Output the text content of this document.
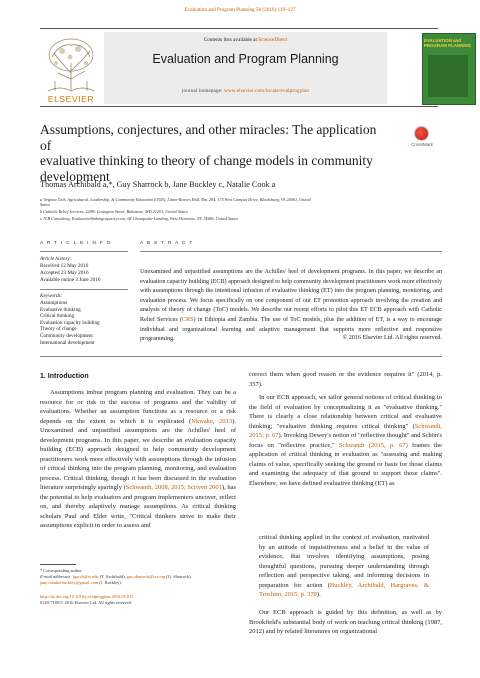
Evaluation and Program Planning 58 (2016) 119–127
ELSEVIER
Contents lists available at ScienceDirect
Evaluation and Program Planning
journal homepage: www.elsevier.com/locate/evalprogplan
EVALUATION and PROGRAM PLANNING
Assumptions, conjectures, and other miracles: The application of
evaluative thinking to theory of change models in community
development
CrossMark
Thomas Archibald a,*, Guy Sharrock b, Jane Buckley c, Natalie Cook a
a Virginia Tech, Agricultural, Leadership, & Community Education (0343), Litton-Reaves Hall, Rm. 284, 175 West Campus Drive, Blacksburg, VA 24061, United
States
b Catholic Relief Services, 228W. Lexington Street, Baltimore, MD 21201, United States
c JCB Consulting, Evaluativethinkingcapacity.com, 68 Chesapeake Landing, West Henrietta, NY 14586, United States
A R T I C L E I N F O	A B S T R A C T
Article history:
Received 12 May 2016
Accepted 23 May 2016
Available online 3 June 2016
Keywords:
Assumptions
Evaluative thinking
Critical thinking
Evaluation capacity building
Theory of change
Community development
International development
Unexamined and unjustified assumptions are the Achilles' heel of development programs. In this paper, we describe an evaluation capacity building (ECB) approach designed to help community development practitioners work more effectively with assumptions through the intentional infusion of evaluative thinking (ET) into the program planning, monitoring, and evaluation process. We focus specifically on one component of our ET promotion approach involving the creation and analysis of theory of change (ToC) models. We describe our recent efforts to pilot this ET ECB approach with Catholic Relief Services (CRS) in Ethiopia and Zambia. The use of ToC models, plus the addition of ET, is a way to encourage individual and organizational learning and adaptive management that supports more reflective and responsive programming.	© 2016 Elsevier Ltd. All rights reserved.
1. Introduction
Assumptions imbue program planning and evaluation. They can be a resource for or risk to the success of programs and the validity of evaluations. Whether an assumption functions as a resource or a risk depends on the extent to which it is explicated (Nkwake, 2013). Unexamined and unjustified assumptions are the Achilles' heel of development programs. In this paper, we describe an evaluation capacity building (ECB) approach designed to help community development practitioners work more effectively with assumptions through the infusion of critical thinking into the program planning, monitoring, and evaluation process. Critical thinking, though it has been discussed in the evaluation literature surprisingly sparingly (Schwandt, 2008, 2015; Scriven 2001), has the potential to help evaluators and program implementers uncover, reflect on, and thereby adaptively manage assumptions. As critical thinking scholars Paul and Elder write, "Critical thinkers strive to make their assumptions explicit in order to assess and
correct them when good reason or the evidence requires it" (2014, p. 357).
In our ECB approach, we tailor general notions of critical thinking to the field of evaluation by conceptualizing it as "evaluative thinking." There is clearly a close relationship between critical and evaluative thinking; "evaluative thinking requires critical thinking" (Schwandt, 2015; p. 67). Invoking Dewey's notion of "reflective thought" and Schön's focus on "reflective practice," Schwandt (2015, p. 67) frames the application of critical thinking in evaluation as "assessing and making claims of value, specifically seeking the ground or basis for those claims and examining the adequacy of that ground to support those claims". Elsewhere, we have defined evaluative thinking (ET) as
critical thinking applied in the context of evaluation, motivated by an attitude of inquisitiveness and a belief in the value of evidence, that involves identifying assumptions, posing thoughtful questions, pursuing deeper understanding through reflection and perspective taking, and informing decisions in preparation for action (Buckley, Archibald, Hargraves, & Trochim, 2015, p. 378).
Our ECB approach is guided by this definition, as well as by Brookfield's substantial body of work on teaching critical thinking (1987, 2012) and by related literatures on organizational
* Corresponding author.
E-mail addresses: tgarch@vt.edu (T. Archibald), guy.sharrock@crs.org (G. Sharrock), jane.cumberbuckley@gmail.com (J. Buckley).
http://dx.doi.org/10.1016/j.evalprogplan.2016.05.015
0149-7189/© 2016 Elsevier Ltd. All rights reserved.
